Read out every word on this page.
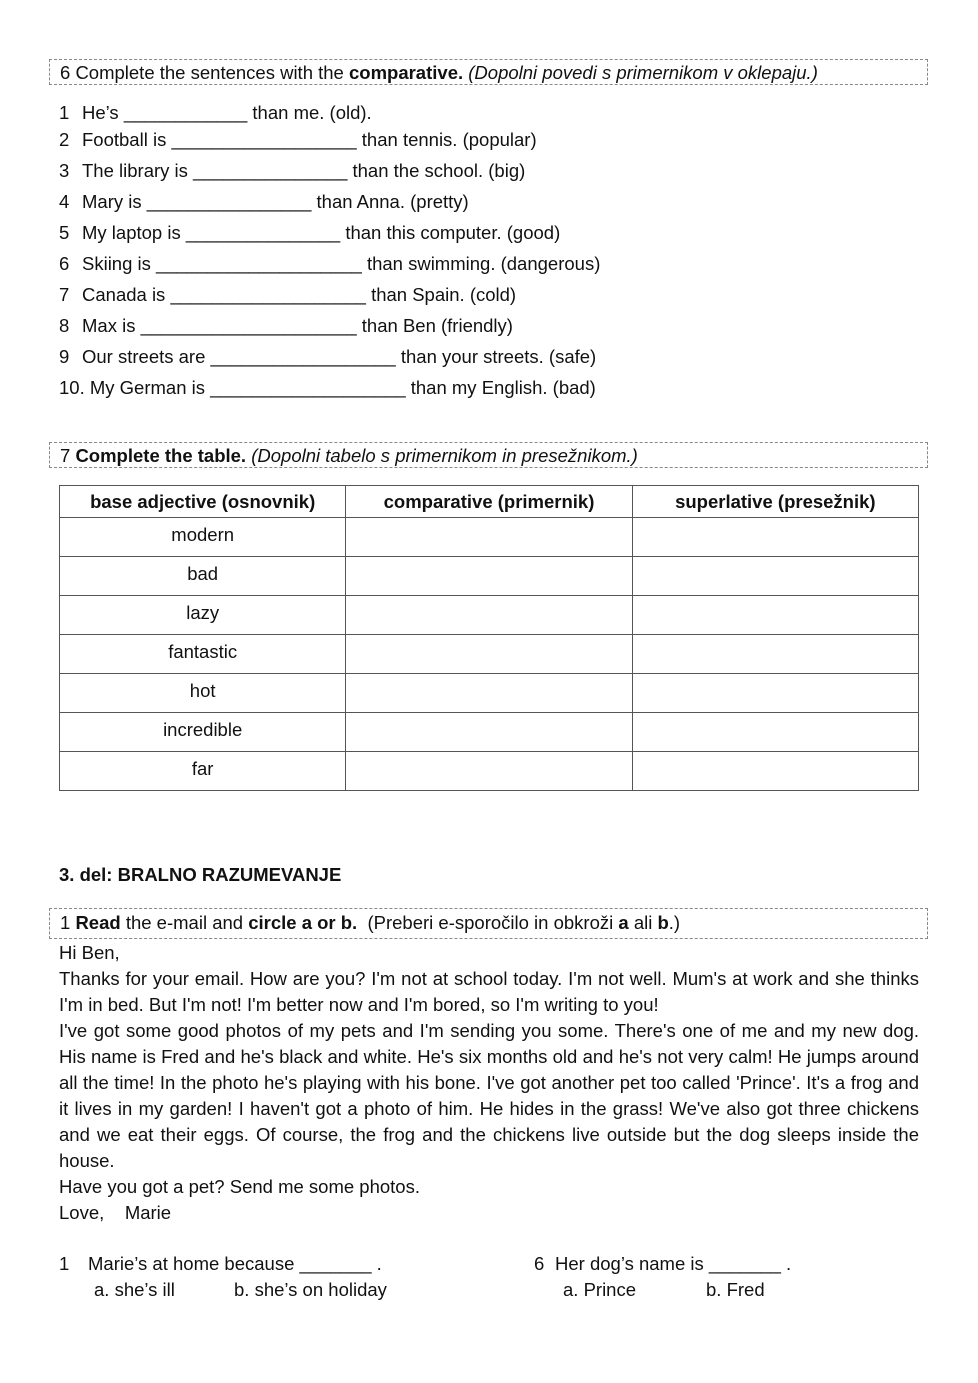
6 Complete the sentences with the comparative. (Dopolni povedi s primernikom v oklepaju.)
1 He’s ____________ than me. (old).
2 Football is __________________ than tennis. (popular)
3 The library is _______________ than the school. (big)
4 Mary is ________________ than Anna. (pretty)
5 My laptop is _______________ than this computer. (good)
6 Skiing is ____________________ than swimming. (dangerous)
7 Canada is ___________________ than Spain. (cold)
8 Max is _____________________ than Ben (friendly)
9 Our streets are __________________ than your streets. (safe)
10. My German is ___________________ than my English. (bad)
7 Complete the table. (Dopolni tabelo s primernikom in presežnikom.)
base adjective (osnovnik)	comparative (primernik)	superlative (presežnik)
modern		
bad		
lazy		
fantastic		
hot		
incredible		
far		
3. del: BRALNO RAZUMEVANJE
1 Read the e-mail and circle a or b. (Preberi e-sporočilo in obkroži a ali b.)

Hi Ben,

Thanks for your email. How are you? I'm not at school today. I'm not well. Mum's at work and she thinks I'm in bed. But I'm not! I'm better now and I'm bored, so I'm writing to you!

I've got some good photos of my pets and I'm sending you some. There's one of me and my new dog. His name is Fred and he's black and white. He's six months old and he's not very calm! He jumps around all the time! In the photo he's playing with his bone. I've got another pet too called 'Prince'. It's a frog and it lives in my garden! I haven't got a photo of him. He hides in the grass! We've also got three chickens and we eat their eggs. Of course, the frog and the chickens live outside but the dog sleeps inside the house.

Have you got a pet? Send me some photos.

Love,    Marie

1 Marie’s at home because _______ .
a. she’s ill	b. she’s on holiday
6 Her dog’s name is _______ .
a. Prince	b. Fred
